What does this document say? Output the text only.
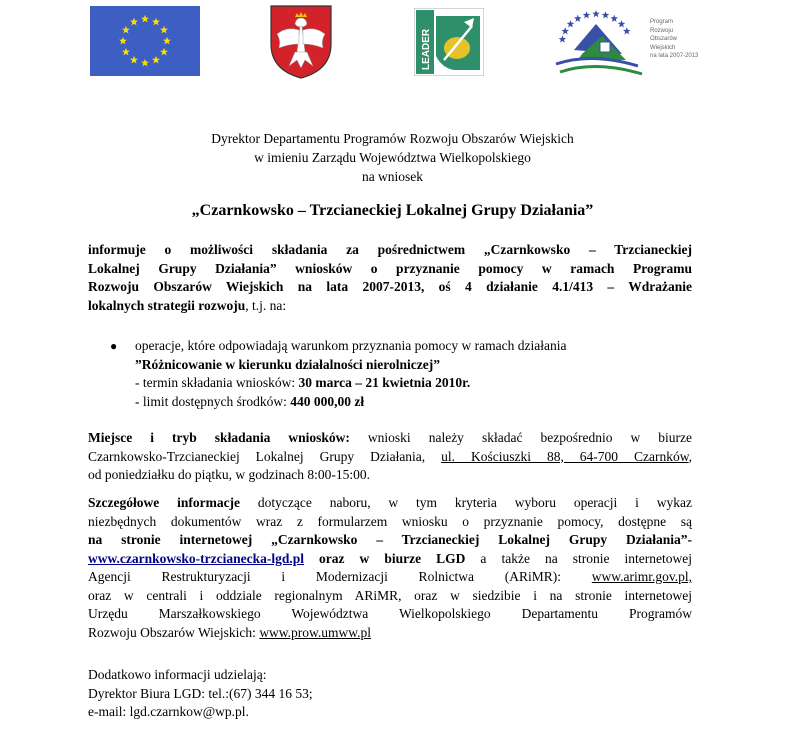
LEADER
Program
Rozwoju
Obszarów
Wiejskich
na lata 2007-2013
Dyrektor Departamentu Programów Rozwoju Obszarów Wiejskich
w imieniu Zarządu Województwa Wielkopolskiego
na wniosek
„Czarnkowsko – Trzcianeckiej Lokalnej Grupy Działania”
informuje o możliwości składania za pośrednictwem „Czarnkowsko – Trzcianeckiej
Lokalnej Grupy Działania” wniosków o przyznanie pomocy w ramach Programu
Rozwoju Obszarów Wiejskich na lata 2007-2013, oś 4 działanie 4.1/413 – Wdrażanie
lokalnych strategii rozwoju, t.j. na:
●	operacje, które odpowiadają warunkom przyznania pomocy w ramach działania
”Różnicowanie w kierunku działalności nierolniczej”
- termin składania wniosków: 30 marca – 21 kwietnia 2010r.
- limit dostępnych środków: 440 000,00 zł
Miejsce i tryb składania wniosków: wnioski należy składać bezpośrednio w biurze
Czarnkowsko-Trzcianeckiej Lokalnej Grupy Działania, ul. Kościuszki 88, 64-700 Czarnków,
od poniedziałku do piątku, w godzinach 8:00-15:00.
Szczegółowe informacje dotyczące naboru, w tym kryteria wyboru operacji i wykaz
niezbędnych dokumentów wraz z formularzem wniosku o przyznanie pomocy, dostępne są
na stronie internetowej „Czarnkowsko – Trzcianeckiej Lokalnej Grupy Działania”-
www.czarnkowsko-trzcianecka-lgd.pl oraz w biurze LGD a także na stronie internetowej
Agencji Restrukturyzacji i Modernizacji Rolnictwa (ARiMR): www.arimr.gov.pl,
oraz w centrali i oddziale regionalnym ARiMR, oraz w siedzibie i na stronie internetowej
Urzędu Marszałkowskiego Województwa Wielkopolskiego Departamentu Programów
Rozwoju Obszarów Wiejskich: www.prow.umww.pl
Dodatkowo informacji udzielają:
Dyrektor Biura LGD: tel.:(67) 344 16 53;
e-mail: lgd.czarnkow@wp.pl.
